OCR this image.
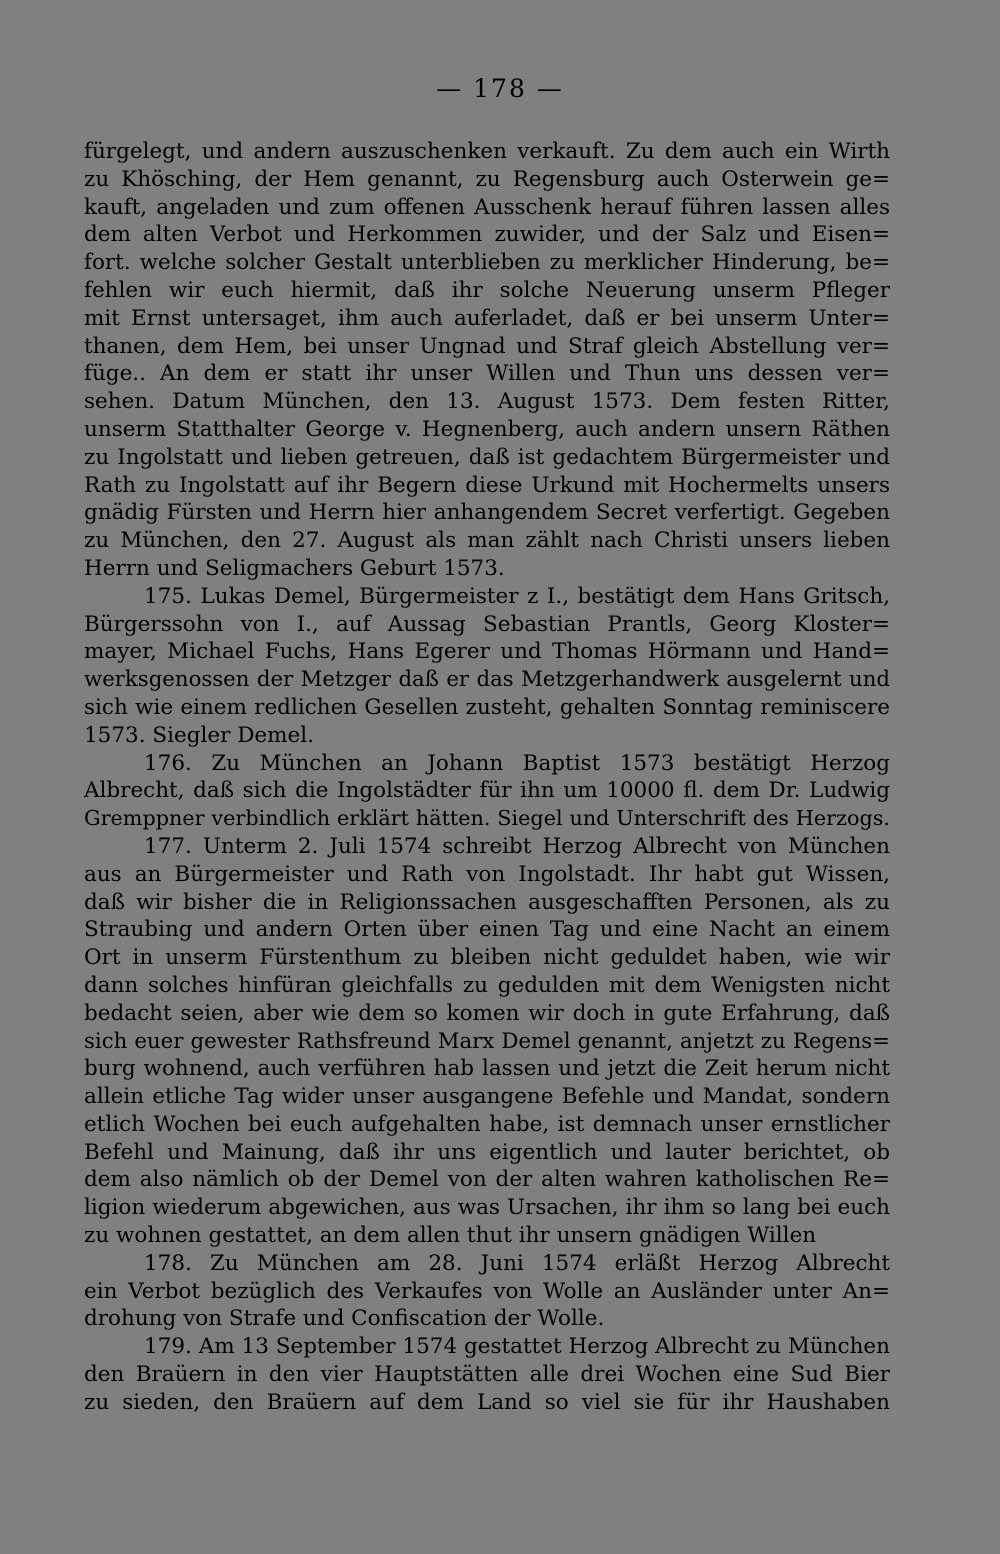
— 178 —
fürgelegt, und andern auszuschenken verkauft. Zu dem auch ein Wirth
zu Khösching, der Hem genannt, zu Regensburg auch Osterwein ge=
kauft, angeladen und zum offenen Ausschenk herauf führen lassen alles
dem alten Verbot und Herkommen zuwider, und der Salz und Eisen=
fort. welche solcher Gestalt unterblieben zu merklicher Hinderung, be=
fehlen wir euch hiermit, daß ihr solche Neuerung unserm Pfleger
mit Ernst untersaget, ihm auch auferladet, daß er bei unserm Unter=
thanen, dem Hem, bei unser Ungnad und Straf gleich Abstellung ver=
füge.. An dem er statt ihr unser Willen und Thun uns dessen ver=
sehen. Datum München, den 13. August 1573. Dem festen Ritter,
unserm Statthalter George v. Hegnenberg, auch andern unsern Räthen
zu Ingolstatt und lieben getreuen, daß ist gedachtem Bürgermeister und
Rath zu Ingolstatt auf ihr Begern diese Urkund mit Hochermelts unsers
gnädig Fürsten und Herrn hier anhangendem Secret verfertigt. Gegeben
zu München, den 27. August als man zählt nach Christi unsers lieben
Herrn und Seligmachers Geburt 1573.
175. Lukas Demel, Bürgermeister z I., bestätigt dem Hans Gritsch,
Bürgerssohn von I., auf Aussag Sebastian Prantls, Georg Kloster=
mayer, Michael Fuchs, Hans Egerer und Thomas Hörmann und Hand=
werksgenossen der Metzger daß er das Metzgerhandwerk ausgelernt und
sich wie einem redlichen Gesellen zusteht, gehalten Sonntag reminiscere
1573. Siegler Demel.
176. Zu München an Johann Baptist 1573 bestätigt Herzog
Albrecht, daß sich die Ingolstädter für ihn um 10000 fl. dem Dr. Ludwig
Gremppner verbindlich erklärt hätten. Siegel und Unterschrift des Herzogs.
177. Unterm 2. Juli 1574 schreibt Herzog Albrecht von München
aus an Bürgermeister und Rath von Ingolstadt. Ihr habt gut Wissen,
daß wir bisher die in Religionssachen ausgeschafften Personen, als zu
Straubing und andern Orten über einen Tag und eine Nacht an einem
Ort in unserm Fürstenthum zu bleiben nicht geduldet haben, wie wir
dann solches hinfüran gleichfalls zu gedulden mit dem Wenigsten nicht
bedacht seien, aber wie dem so komen wir doch in gute Erfahrung, daß
sich euer gewester Rathsfreund Marx Demel genannt, anjetzt zu Regens=
burg wohnend, auch verführen hab lassen und jetzt die Zeit herum nicht
allein etliche Tag wider unser ausgangene Befehle und Mandat, sondern
etlich Wochen bei euch aufgehalten habe, ist demnach unser ernstlicher
Befehl und Mainung, daß ihr uns eigentlich und lauter berichtet, ob
dem also nämlich ob der Demel von der alten wahren katholischen Re=
ligion wiederum abgewichen, aus was Ursachen, ihr ihm so lang bei euch
zu wohnen gestattet, an dem allen thut ihr unsern gnädigen Willen
178. Zu München am 28. Juni 1574 erläßt Herzog Albrecht
ein Verbot bezüglich des Verkaufes von Wolle an Ausländer unter An=
drohung von Strafe und Confiscation der Wolle.
179. Am 13 September 1574 gestattet Herzog Albrecht zu München
den Braüern in den vier Hauptstätten alle drei Wochen eine Sud Bier
zu sieden, den Braüern auf dem Land so viel sie für ihr Haushaben
